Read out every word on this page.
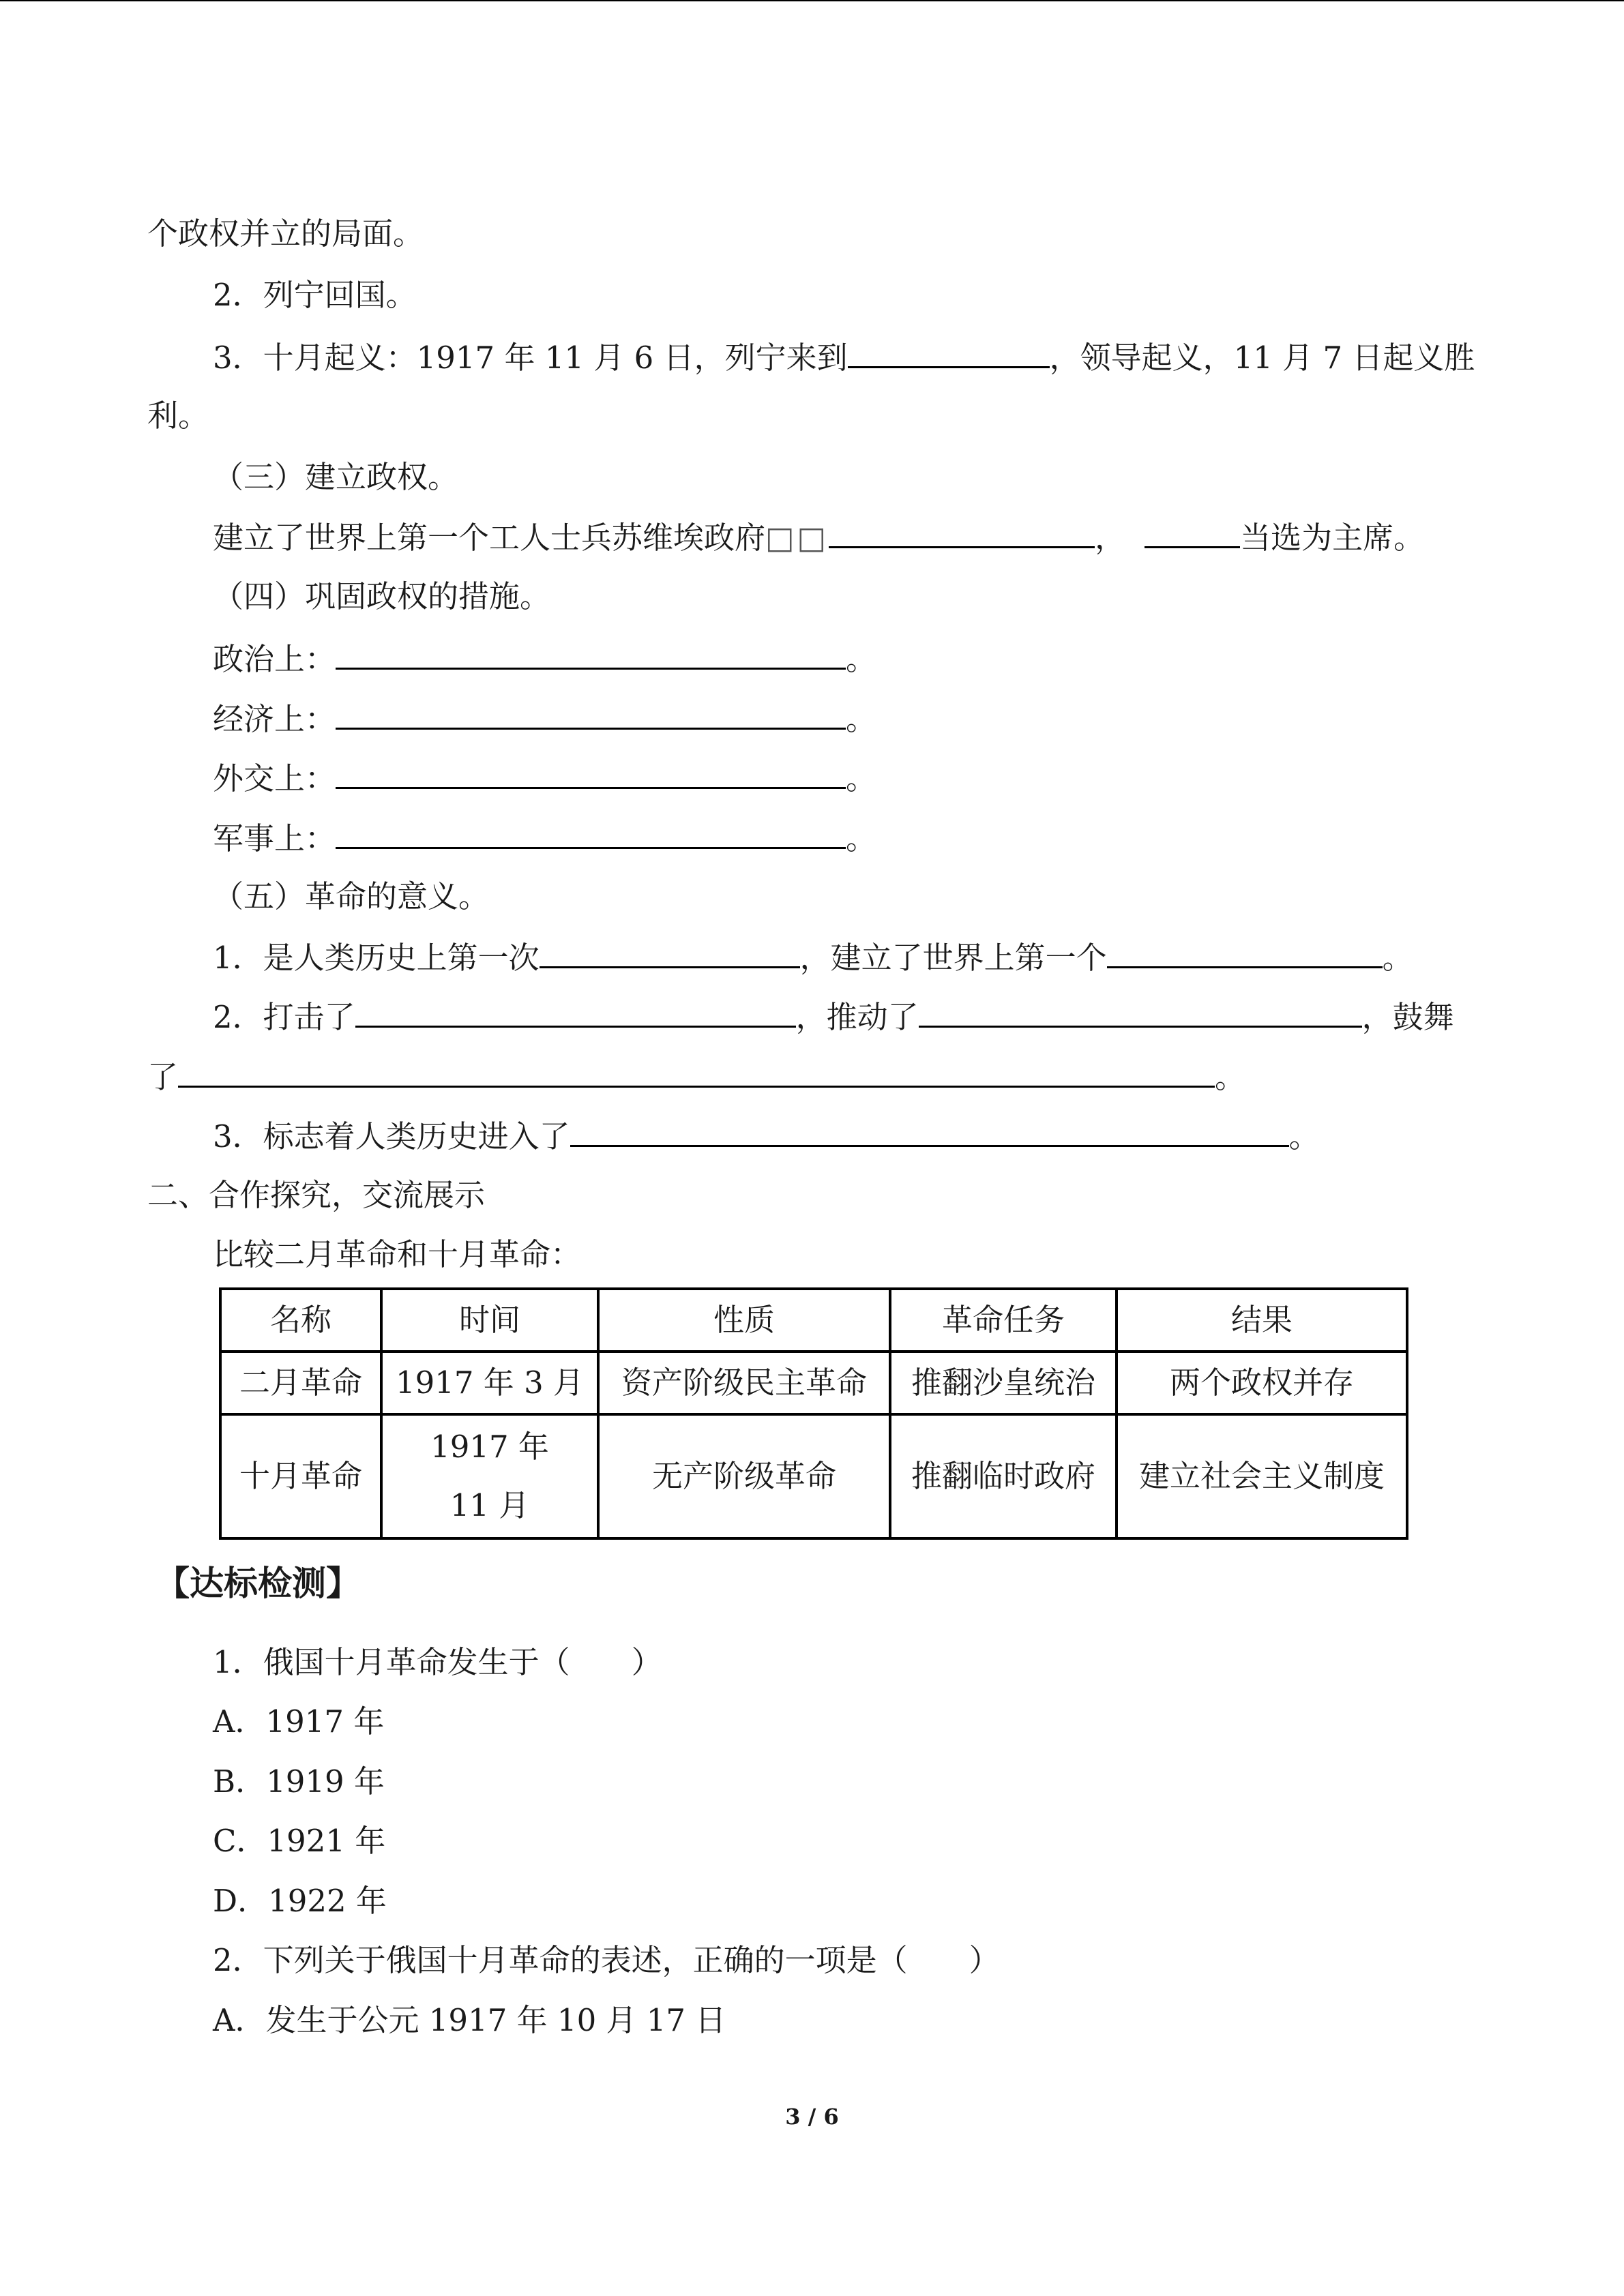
个政权并立的局面。
2．列宁回国。
3．十月起义：1917 年 11 月 6 日，列宁来到	，领导起义，11 月 7 日起义胜
利。
（三）建立政权。
建立了世界上第一个工人士兵苏维埃政府□□	，	当选为主席。
（四）巩固政权的措施。
政治上：	。
经济上：	。
外交上：	。
军事上：	。
（五）革命的意义。
1．是人类历史上第一次	，建立了世界上第一个	。
2．打击了	，推动了	，鼓舞
了	。
3．标志着人类历史进入了	。
二、合作探究，交流展示
比较二月革命和十月革命：
名称	时间	性质	革命任务	结果
二月革命	1917 年 3 月	资产阶级民主革命	推翻沙皇统治	两个政权并存
十月革命	1917 年 11 月	无产阶级革命	推翻临时政府	建立社会主义制度
【达标检测】
1．俄国十月革命发生于（　　）
A．1917 年
B．1919 年
C．1921 年
D．1922 年
2．下列关于俄国十月革命的表述，正确的一项是（　　）
A．发生于公元 1917 年 10 月 17 日
3 / 6
